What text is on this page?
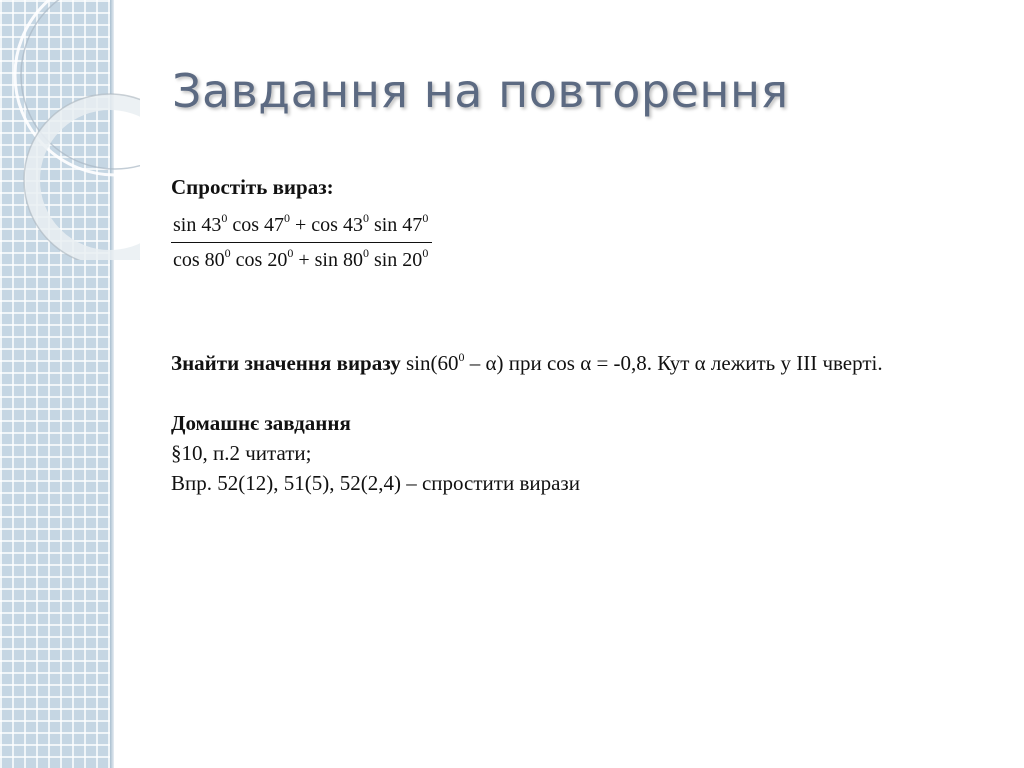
Завдання на повторення

Спростіть вираз:

$\frac{\sin 43^0 \cos 47^0 + \cos 43^0 \sin 47^0}{\cos 80^0 \cos 20^0 + \sin 80^0 \sin 20^0}$

Знайти значення виразу $\sin(60^0 - \alpha)$ при cos α = -0,8. Кут α лежить у ІІІ чверті.

Домашнє завдання

§10, п.2 читати;

Впр. 52(12), 51(5), 52(2,4) – спростити вирази
